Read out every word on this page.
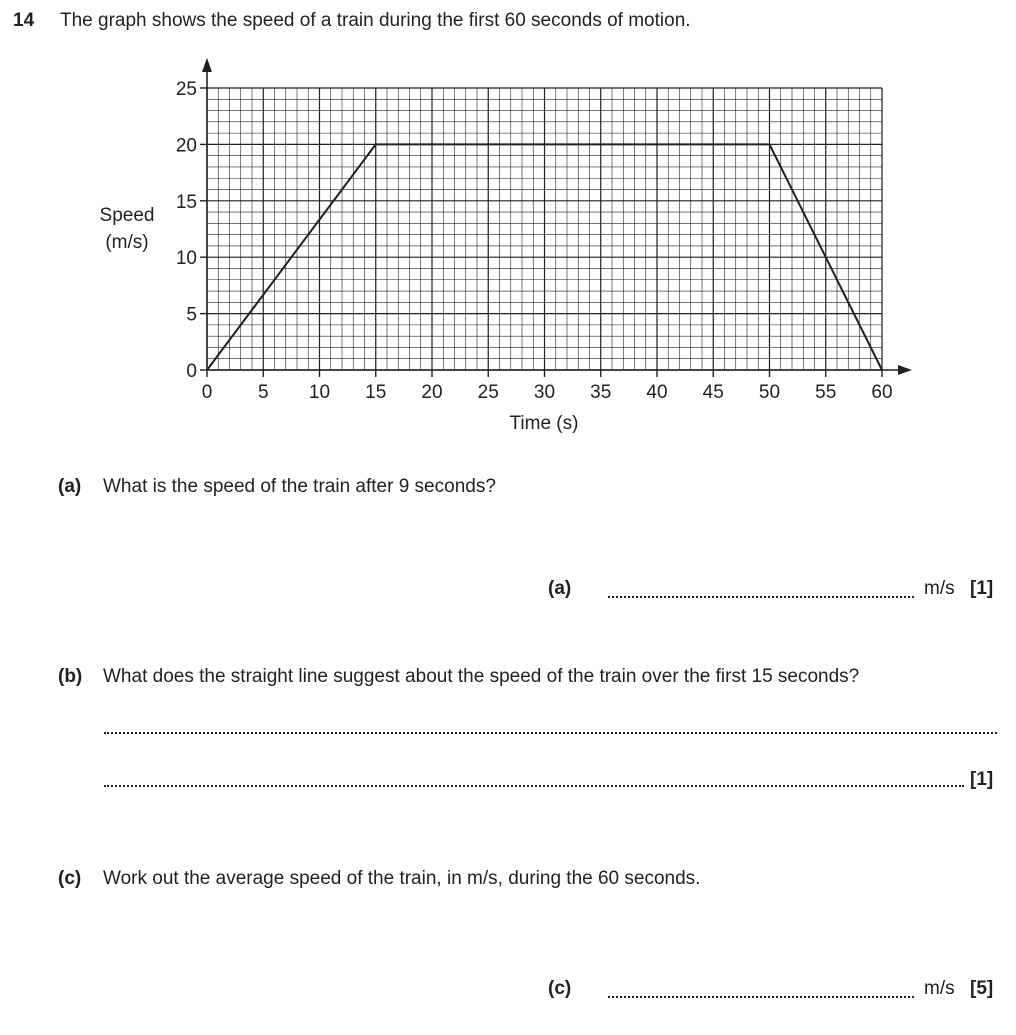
14 The graph shows the speed of a train during the first 60 seconds of motion.
0 5 10 15 20 25 30 35 40 45 50 55 60
0
5
10
15
20
25
Time (s)
Speed
(m/s)
(a) What is the speed of the train after 9 seconds?
(a)	m/s [1]
(b) What does the straight line suggest about the speed of the train over the first 15 seconds?
[1]
(c) Work out the average speed of the train, in m/s, during the 60 seconds.
(c)	m/s [5]
